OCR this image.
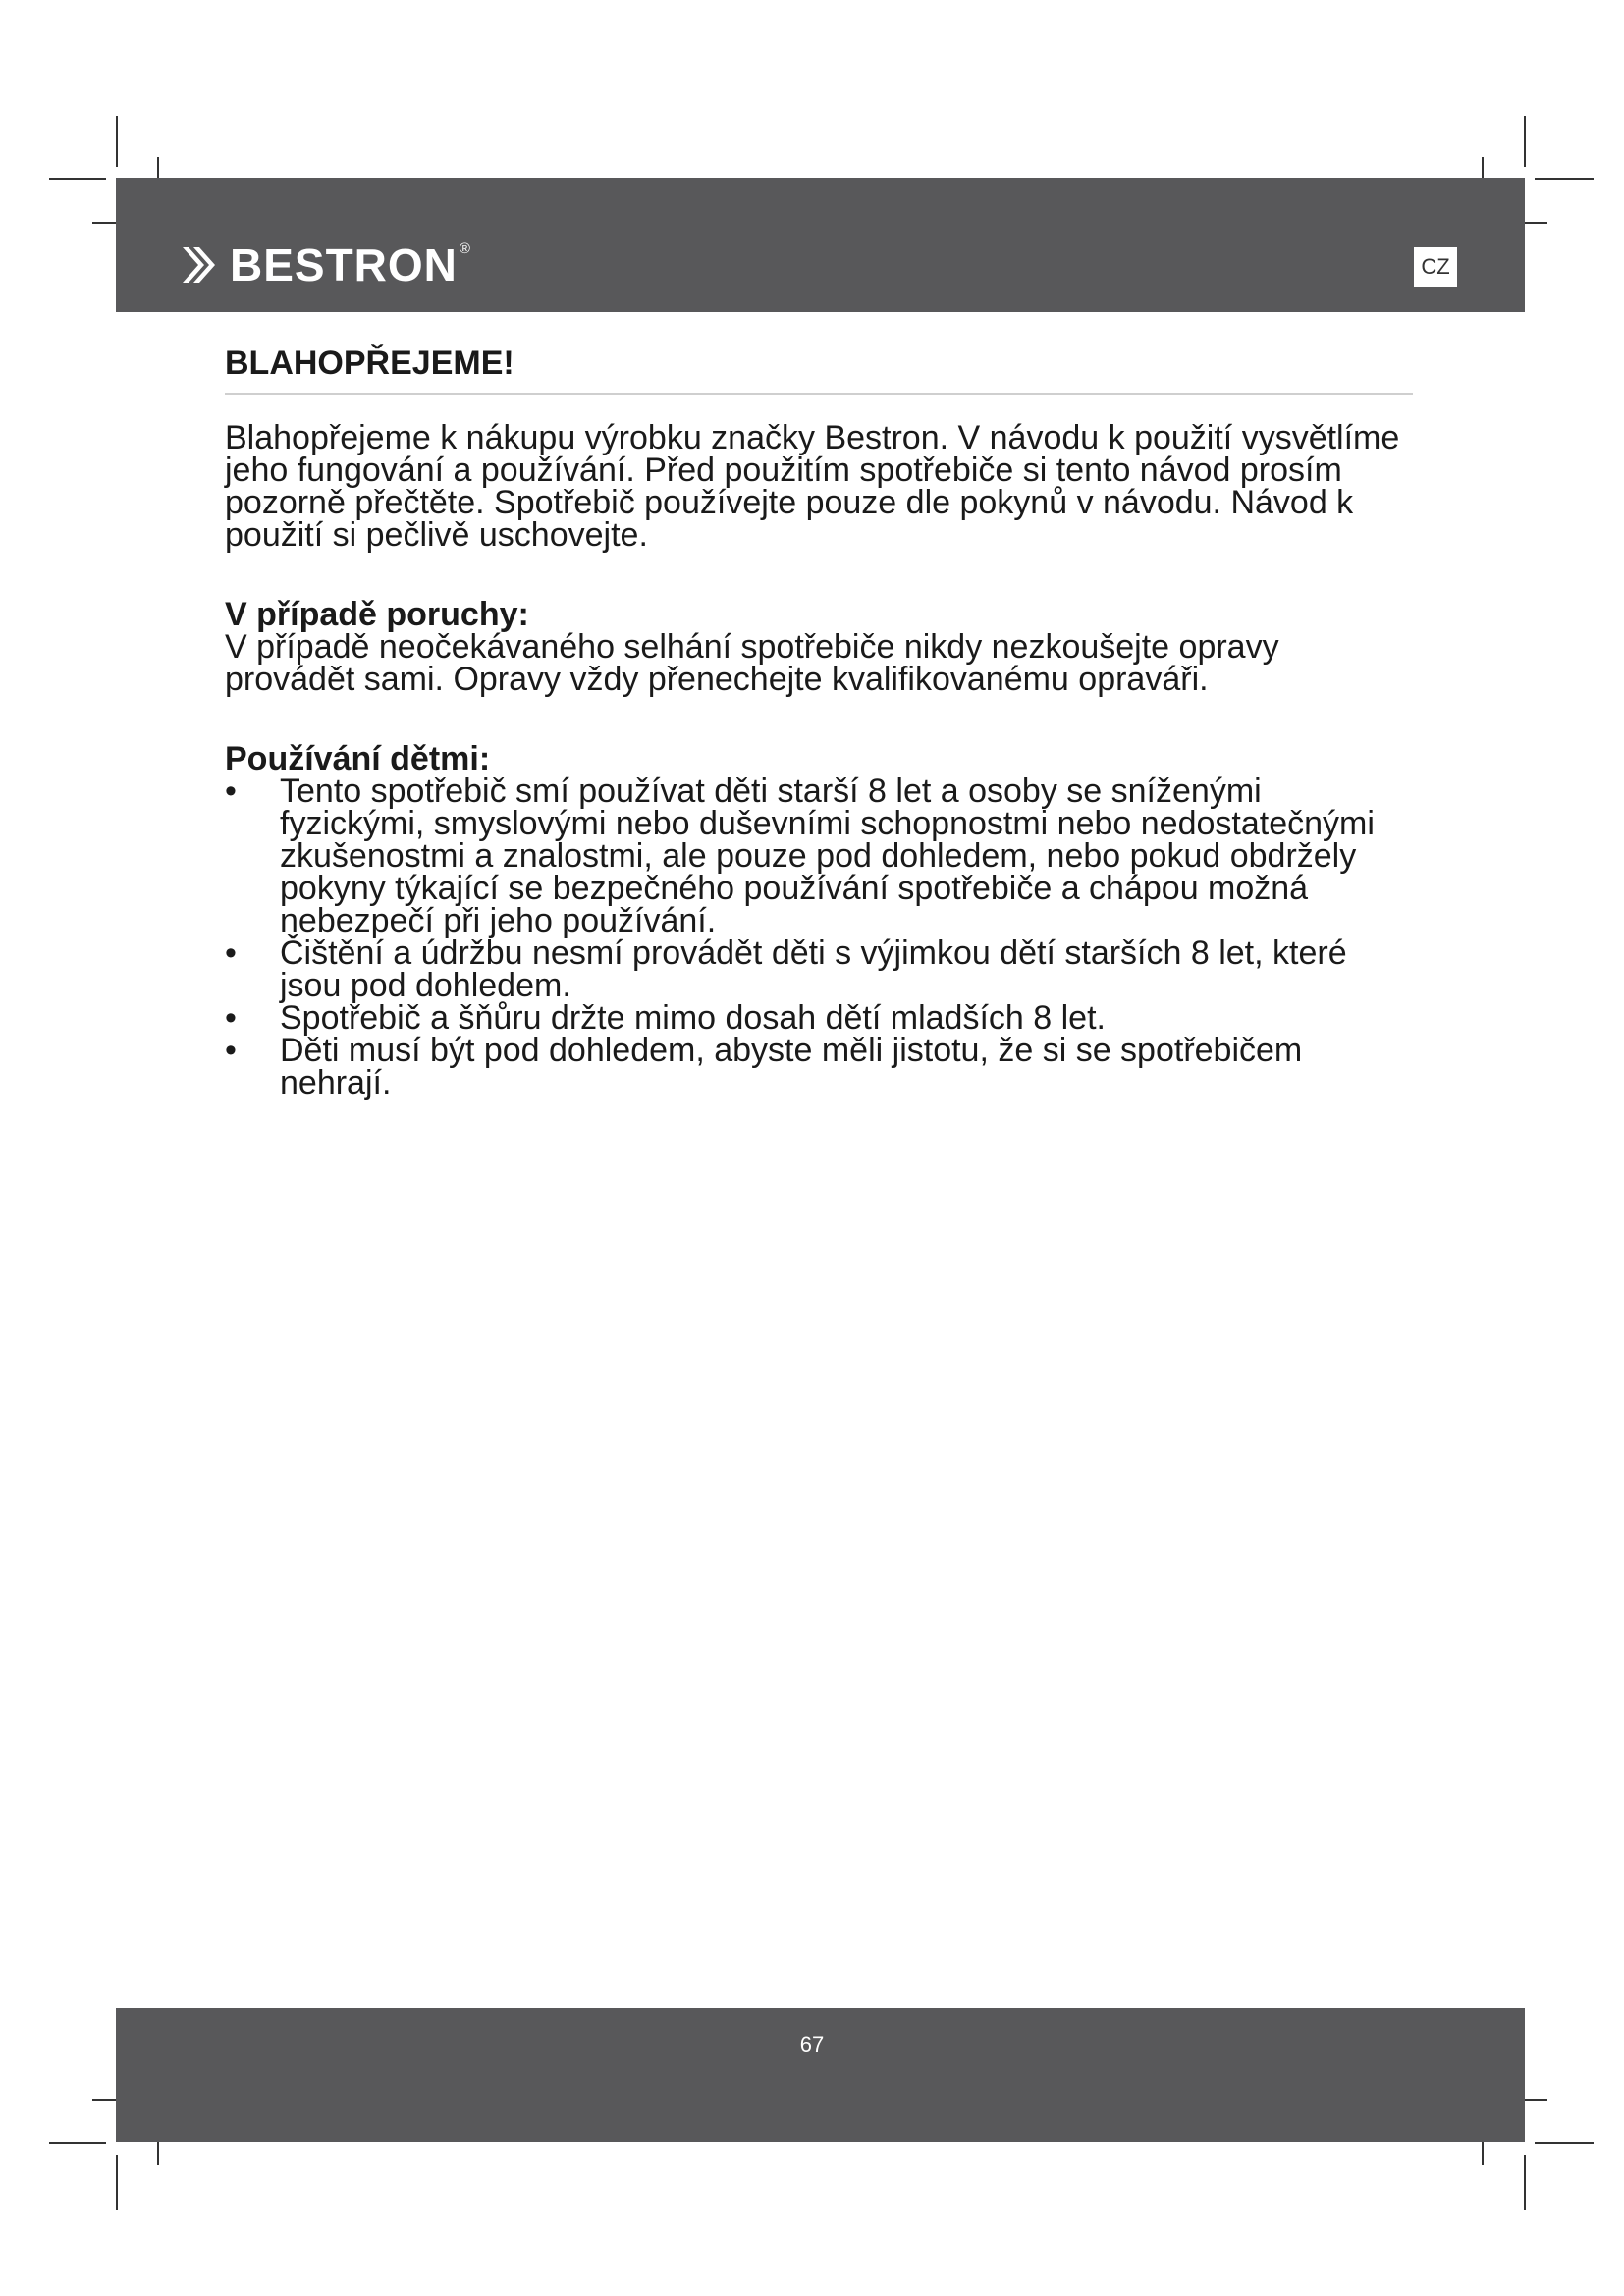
BESTRON ®
CZ
BLAHOPŘEJEME!

Blahopřejeme k nákupu výrobku značky Bestron. V návodu k použití vysvětlíme jeho fungování a používání. Před použitím spotřebiče si tento návod prosím pozorně přečtěte. Spotřebič používejte pouze dle pokynů v návodu. Návod k použití si pečlivě uschovejte.

V případě poruchy:

V případě neočekávaného selhání spotřebiče nikdy nezkoušejte opravy provádět sami. Opravy vždy přenechejte kvalifikovanému opraváři.

Používání dětmi:
• Tento spotřebič smí používat děti starší 8 let a osoby se sníženými fyzickými, smyslovými nebo duševními schopnostmi nebo nedostatečnými zkušenostmi a znalostmi, ale pouze pod dohledem, nebo pokud obdržely pokyny týkající se bezpečného používání spotřebiče a chápou možná nebezpečí při jeho používání.
• Čištění a údržbu nesmí provádět děti s výjimkou dětí starších 8 let, které jsou pod dohledem.
• Spotřebič a šňůru držte mimo dosah dětí mladších 8 let.
• Děti musí být pod dohledem, abyste měli jistotu, že si se spotřebičem nehrají.
67
